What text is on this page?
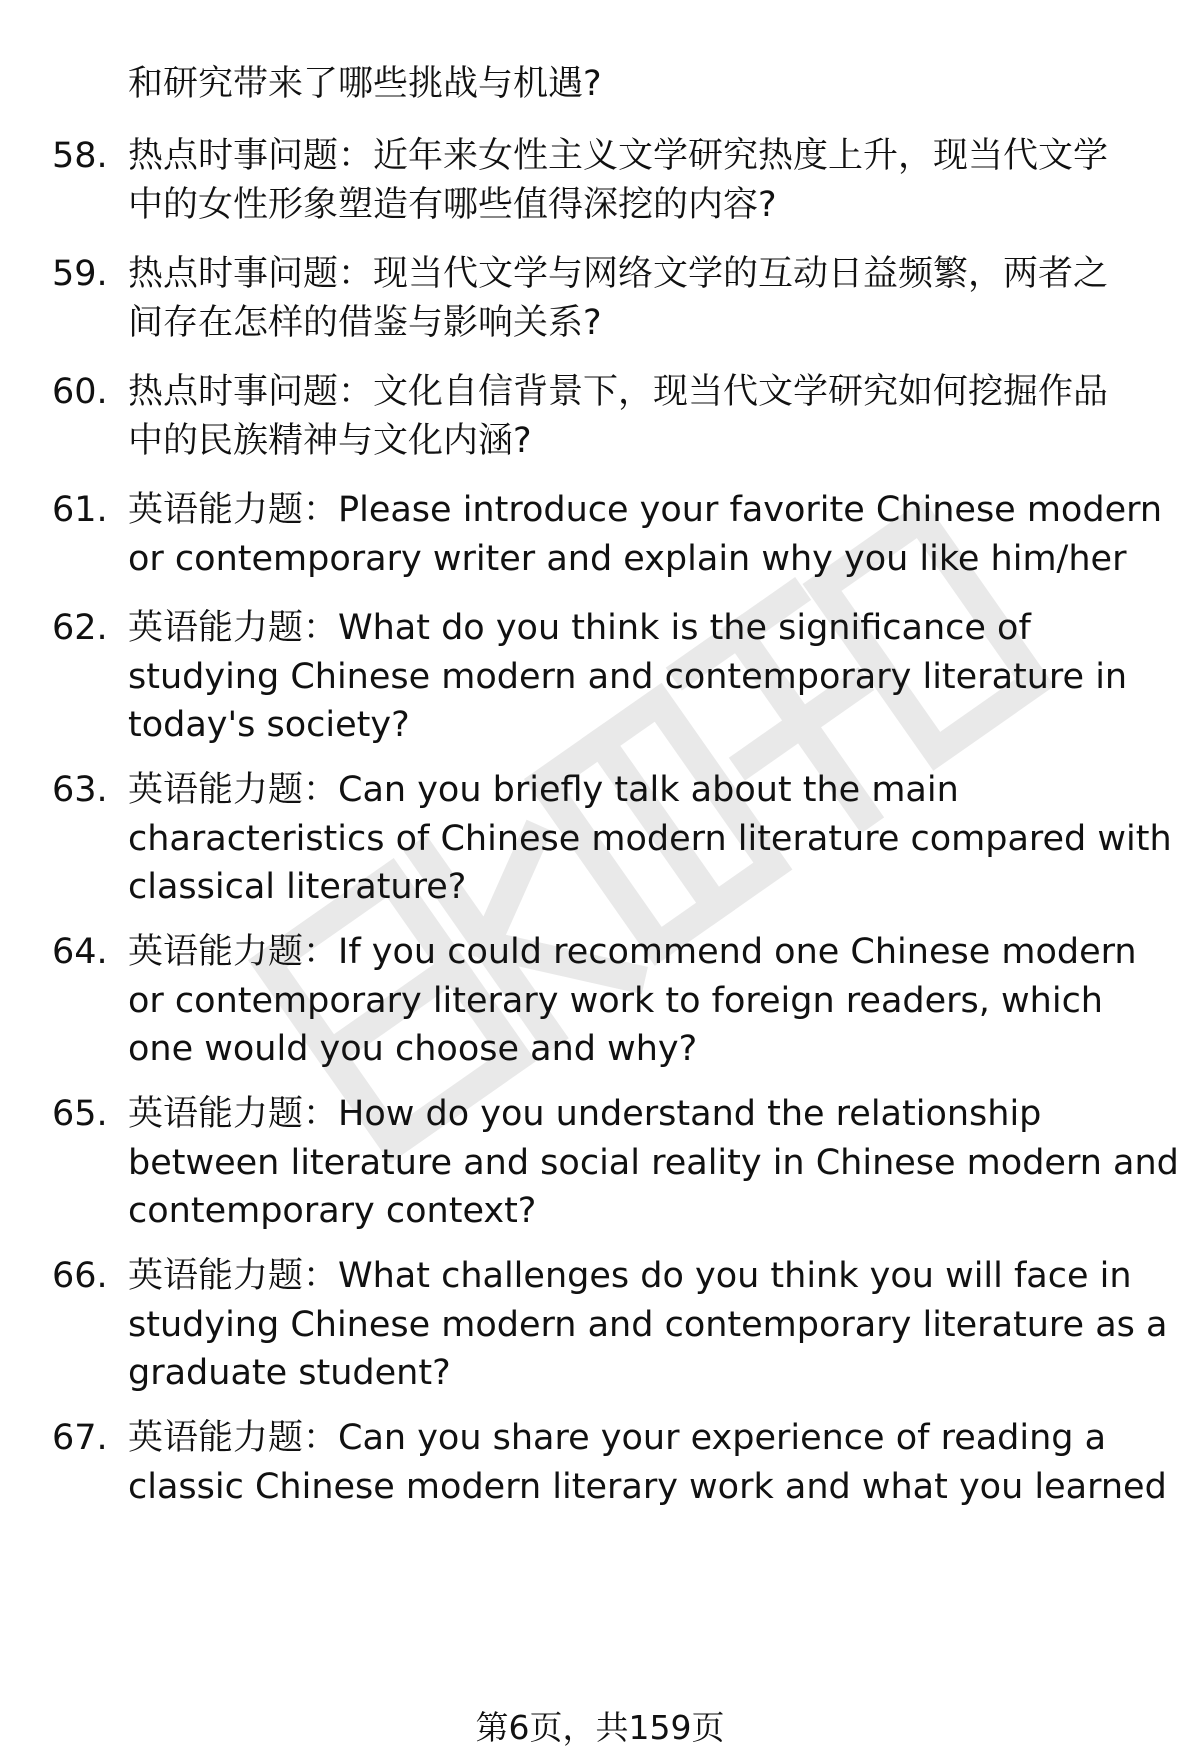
和研究带来了哪些挑战与机遇?
58. 热点时事问题：近年来女性主义文学研究热度上升，现当代文学
中的女性形象塑造有哪些值得深挖的内容?
59. 热点时事问题：现当代文学与网络文学的互动日益频繁，两者之
间存在怎样的借鉴与影响关系?
60. 热点时事问题：文化自信背景下，现当代文学研究如何挖掘作品
中的民族精神与文化内涵?
61. 英语能力题：Please introduce your favorite Chinese modern
or contemporary writer and explain why you like him/her
62. 英语能力题：What do you think is the significance of
studying Chinese modern and contemporary literature in
today's society?
63. 英语能力题：Can you briefly talk about the main
characteristics of Chinese modern literature compared with
classical literature?
64. 英语能力题：If you could recommend one Chinese modern
or contemporary literary work to foreign readers, which
one would you choose and why?
65. 英语能力题：How do you understand the relationship
between literature and social reality in Chinese modern and
contemporary context?
66. 英语能力题：What challenges do you think you will face in
studying Chinese modern and contemporary literature as a
graduate student?
67. 英语能力题：Can you share your experience of reading a
classic Chinese modern literary work and what you learned
第6页，共159页
